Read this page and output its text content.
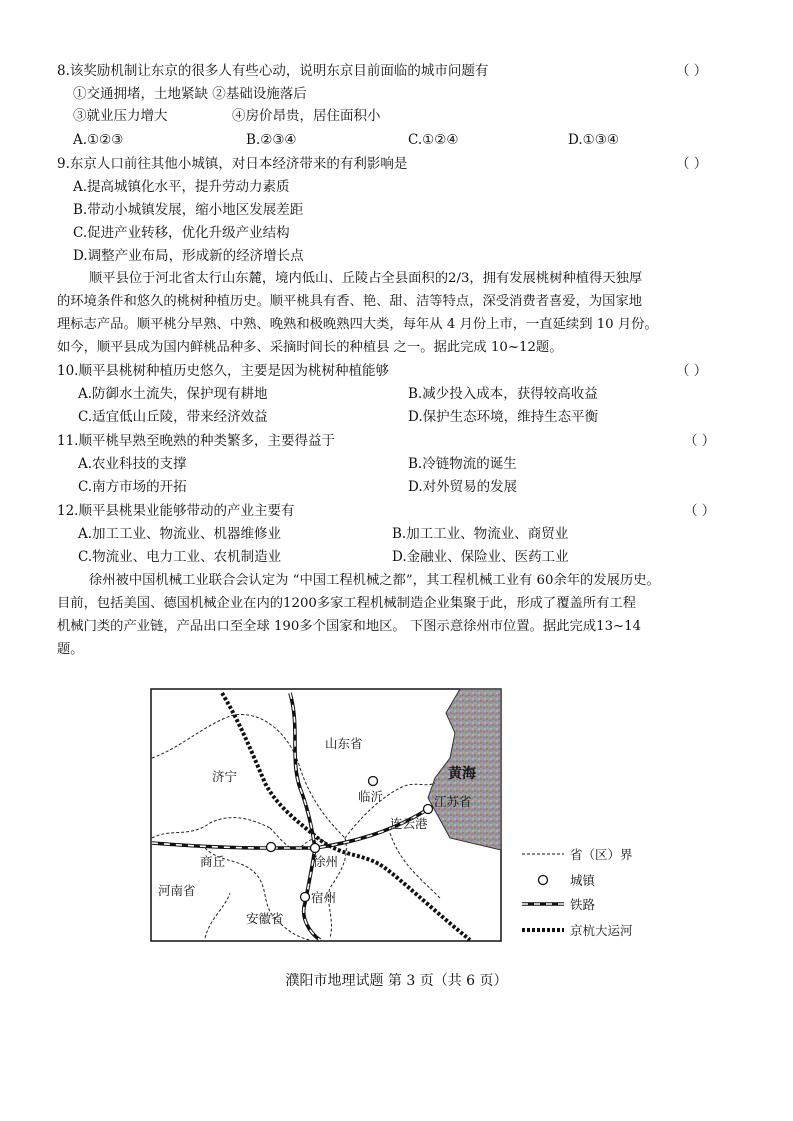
8.该奖励机制让东京的很多人有些心动，说明东京目前面临的城市问题有	（ ）
①交通拥堵，土地紧缺 ②基础设施落后
③就业压力增大	④房价昂贵，居住面积小
A.①②③	B.②③④	C.①②④	D.①③④
9.东京人口前往其他小城镇，对日本经济带来的有利影响是	（ ）
A.提高城镇化水平，提升劳动力素质
B.带动小城镇发展，缩小地区发展差距
C.促进产业转移，优化升级产业结构
D.调整产业布局，形成新的经济增长点
顺平县位于河北省太行山东麓，境内低山、丘陵占全县面积的2/3，拥有发展桃树种植得天独厚
的环境条件和悠久的桃树种植历史。顺平桃具有香、艳、甜、洁等特点，深受消费者喜爱，为国家地
理标志产品。顺平桃分早熟、中熟、晚熟和极晚熟四大类，每年从 4 月份上市，一直延续到 10 月份。
如今，顺平县成为国内鲜桃品种多、采摘时间长的种植县 之一。据此完成 10~12题。
10.顺平县桃树种植历史悠久，主要是因为桃树种植能够	（ ）
A.防御水土流失，保护现有耕地	B.减少投入成本，获得较高收益
C.适宜低山丘陵，带来经济效益	D.保护生态环境，维持生态平衡
11.顺平桃早熟至晚熟的种类繁多，主要得益于	（ ）
A.农业科技的支撑	B.冷链物流的诞生
C.南方市场的开拓	D.对外贸易的发展
12.顺平县桃果业能够带动的产业主要有	（ ）
A.加工工业、物流业、机器维修业	B.加工工业、物流业、商贸业
C.物流业、电力工业、农机制造业	D.金融业、保险业、医药工业
徐州被中国机械工业联合会认定为 “中国工程机械之都”，其工程机械工业有 60余年的发展历史。
目前，包括美国、德国机械企业在内的1200多家工程机械制造企业集聚于此，形成了覆盖所有工程
机械门类的产业链，产品出口至全球 190多个国家和地区。 下图示意徐州市位置。据此完成13~14
题。
山东省
江苏省
河南省
安徽省
黄海
济宁
临沂
连云港
商丘	徐州
宿州
省（区）界
城镇
铁路
京杭大运河
濮阳市地理试题 第 3 页（共 6 页）
